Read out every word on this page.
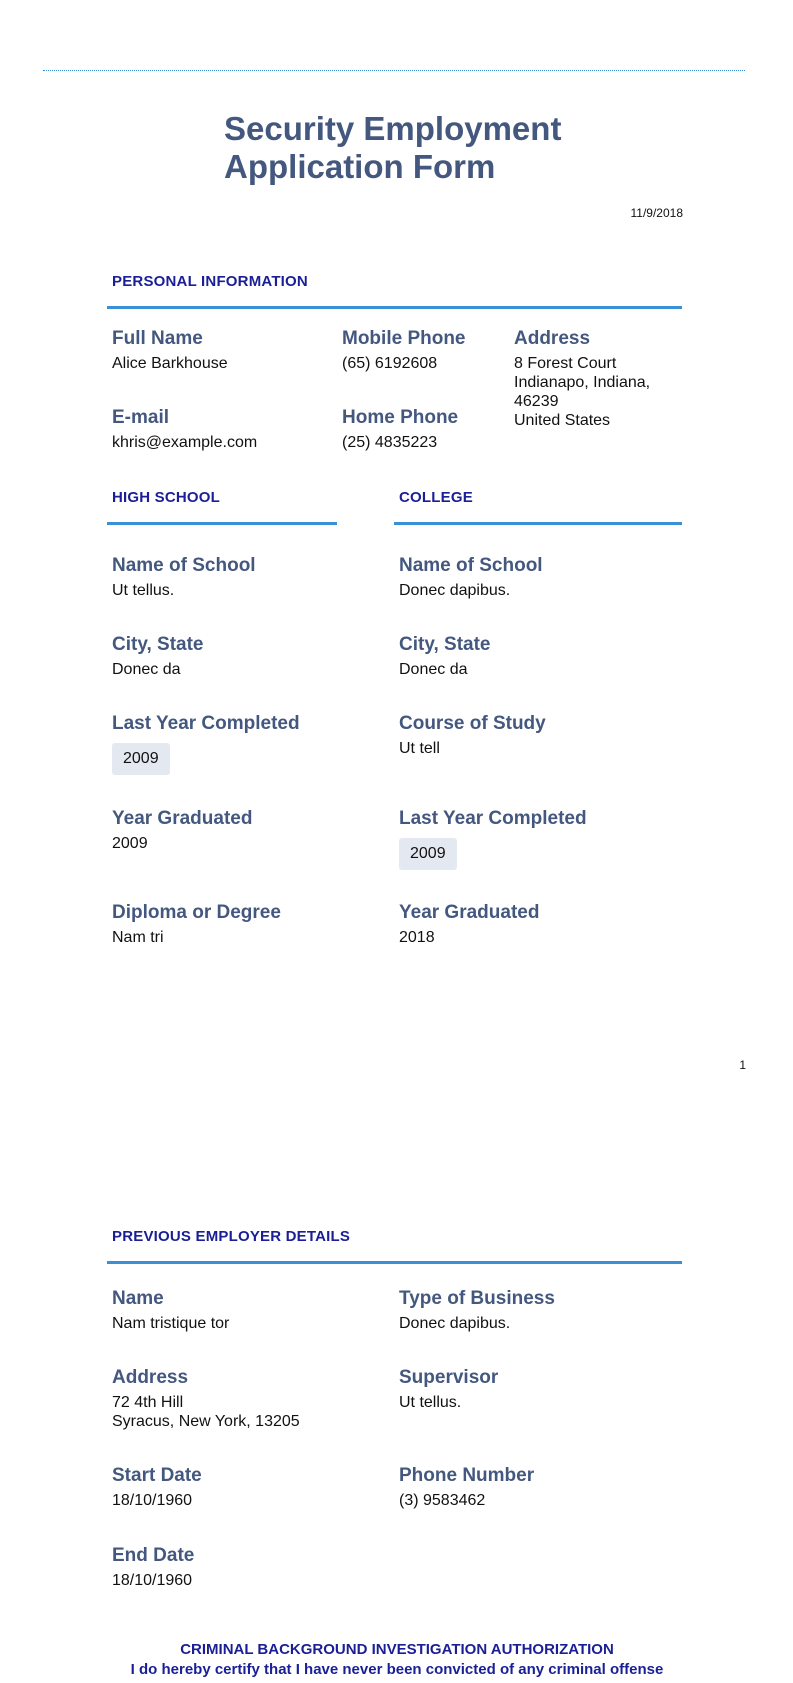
Security Employment
Application Form
11/9/2018
PERSONAL INFORMATION
Full Name
Alice Barkhouse
Mobile Phone
(65) 6192608
Address
8 Forest Court
Indianapo, Indiana,
46239
United States
E-mail
khris@example.com
Home Phone
(25) 4835223
HIGH SCHOOL
Name of School
Ut tellus.
City, State
Donec da
Last Year Completed
2009
Year Graduated
2009
Diploma or Degree
Nam tri
COLLEGE
Name of School
Donec dapibus.
City, State
Donec da
Course of Study
Ut tell
Last Year Completed
2009
Year Graduated
2018
1
PREVIOUS EMPLOYER DETAILS
Name
Nam tristique tor
Type of Business
Donec dapibus.
Address
72 4th Hill
Syracus, New York, 13205
Supervisor
Ut tellus.
Start Date
18/10/1960
Phone Number
(3) 9583462
End Date
18/10/1960
CRIMINAL BACKGROUND INVESTIGATION AUTHORIZATION
I do hereby certify that I have never been convicted of any criminal offense
